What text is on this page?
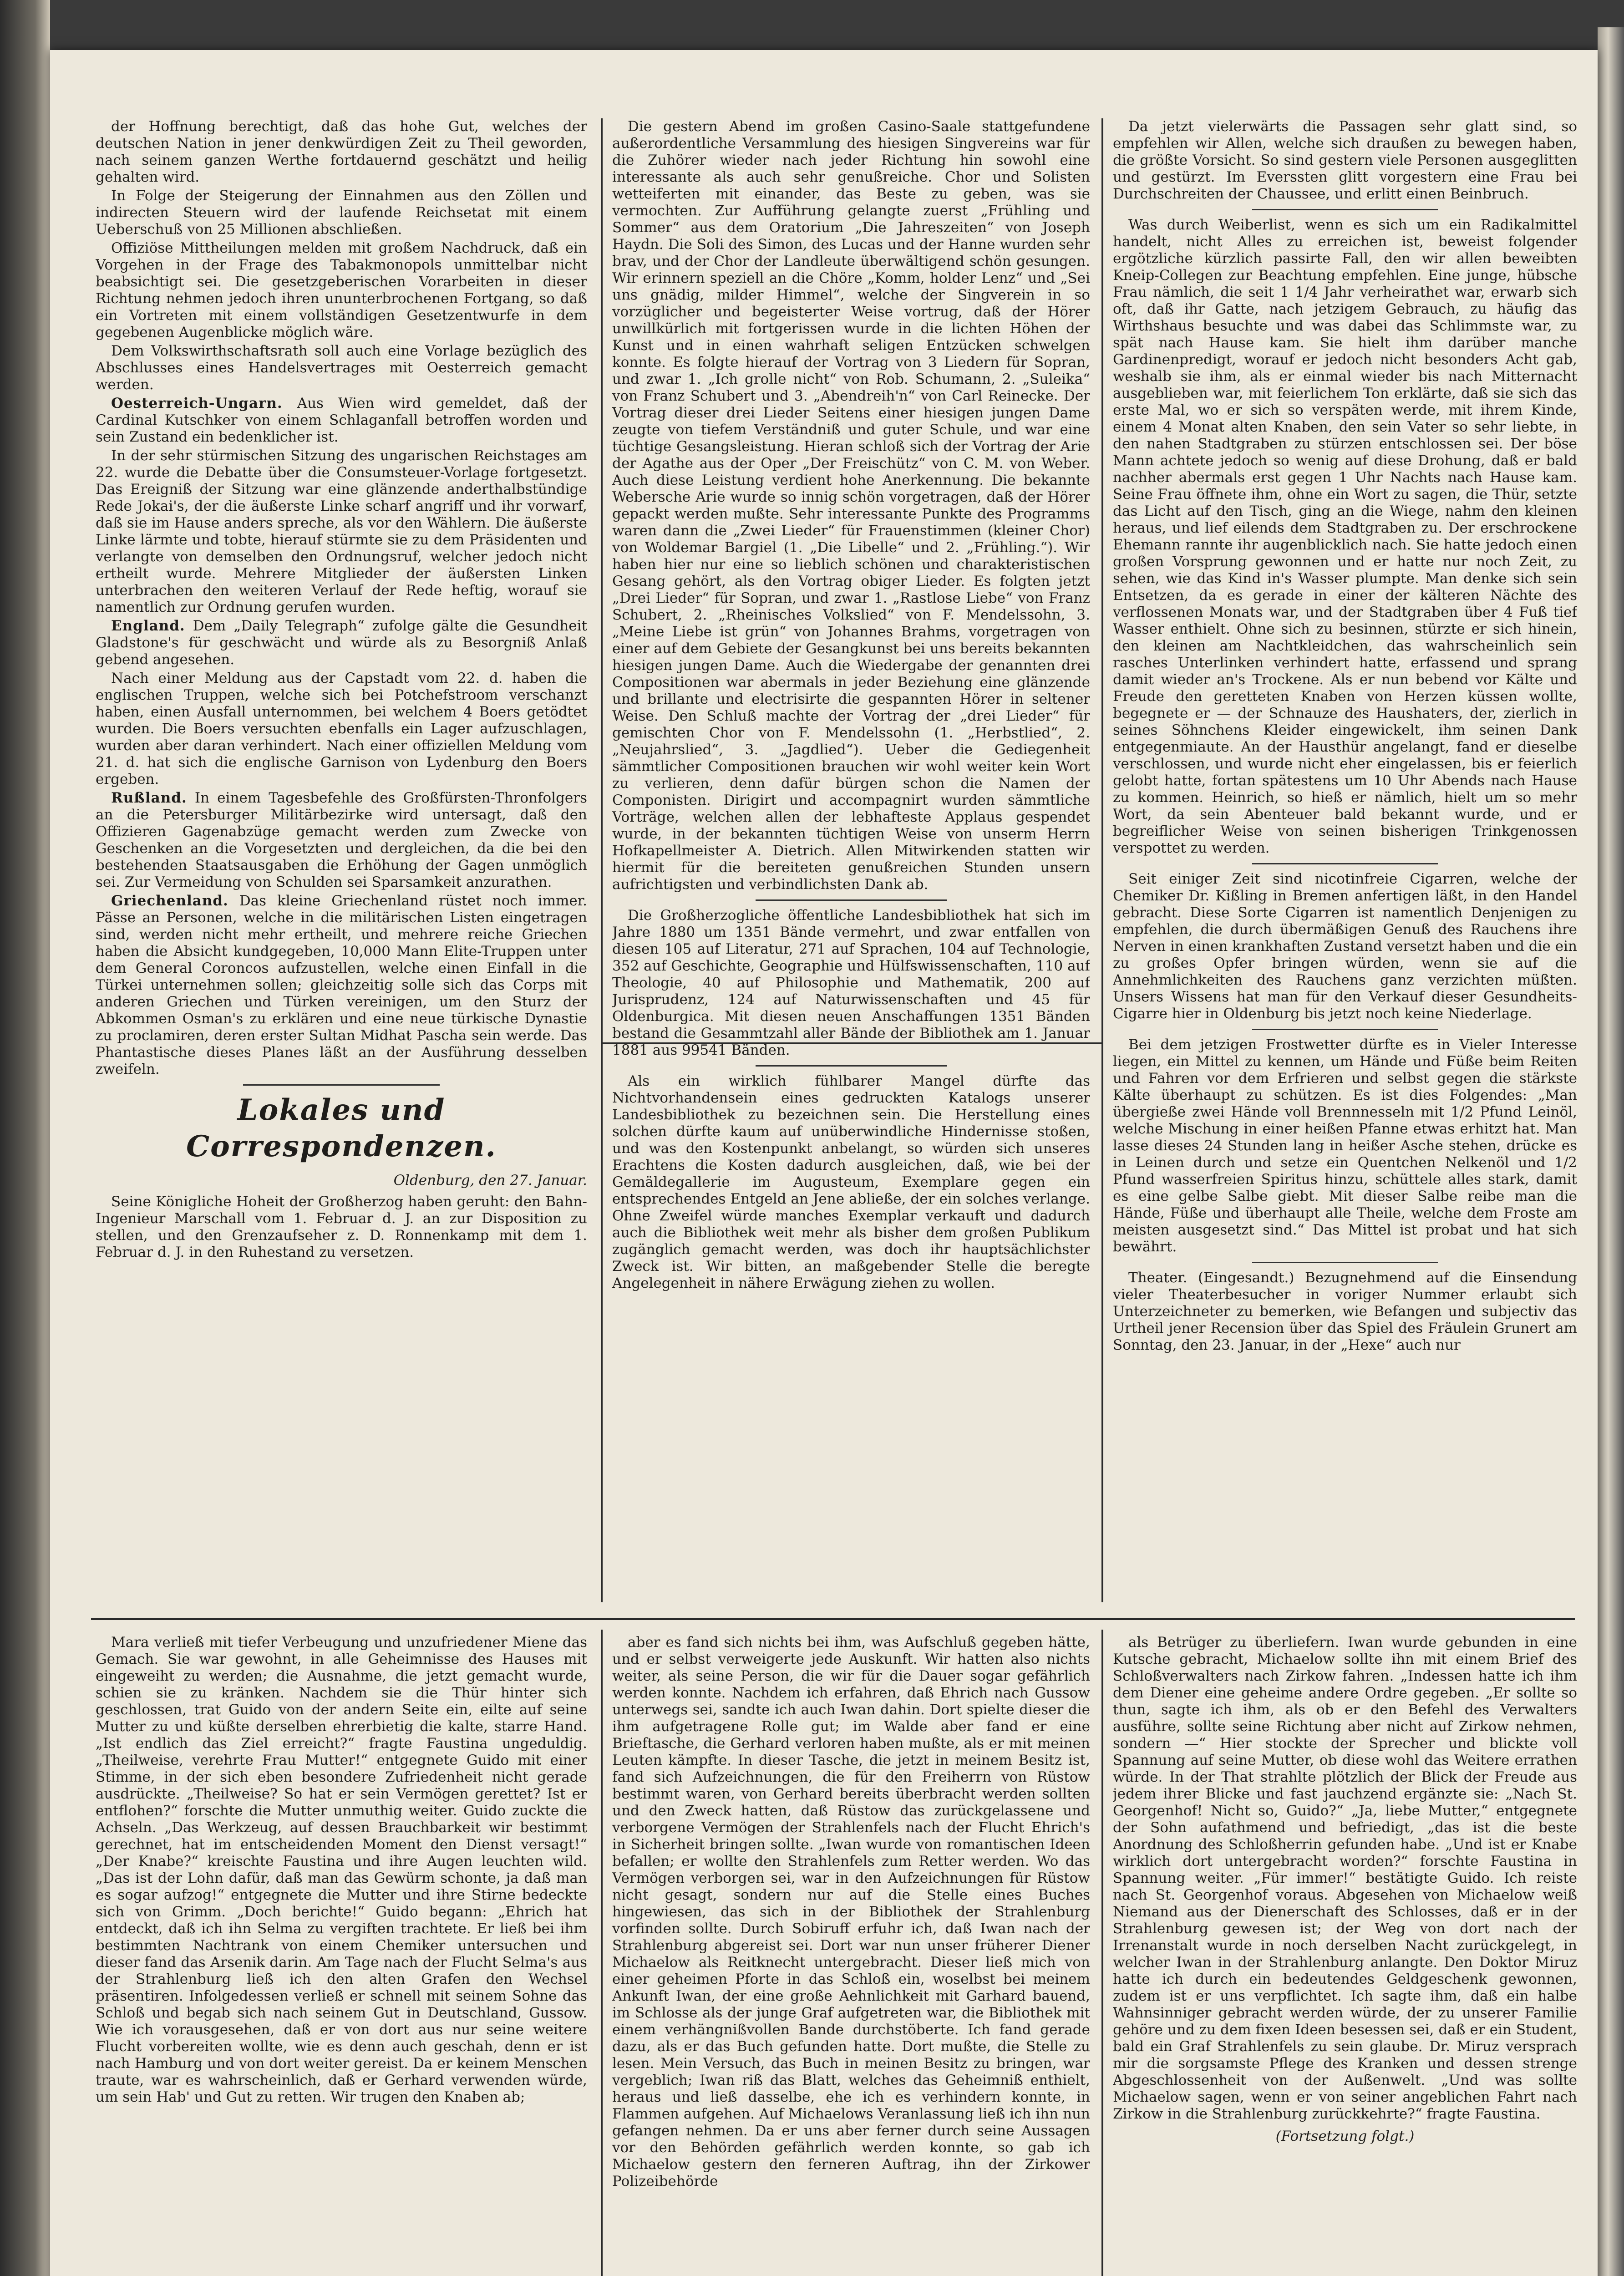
der Hoffnung berechtigt, daß das hohe Gut, welches der deutschen Nation in jener denkwürdigen Zeit zu Theil geworden, nach seinem ganzen Werthe fortdauernd geschätzt und heilig gehalten wird.

In Folge der Steigerung der Einnahmen aus den Zöllen und indirecten Steuern wird der laufende Reichsetat mit einem Ueberschuß von 25 Millionen abschließen.

Offiziöse Mittheilungen melden mit großem Nachdruck, daß ein Vorgehen in der Frage des Tabakmonopols unmittelbar nicht beabsichtigt sei. Die gesetzgeberischen Vorarbeiten in dieser Richtung nehmen jedoch ihren ununterbrochenen Fortgang, so daß ein Vortreten mit einem vollständigen Gesetzentwurfe in dem gegebenen Augenblicke möglich wäre.

Dem Volkswirthschaftsrath soll auch eine Vorlage bezüglich des Abschlusses eines Handelsvertrages mit Oesterreich gemacht werden.

Oesterreich-Ungarn. Aus Wien wird gemeldet, daß der Cardinal Kutschker von einem Schlaganfall betroffen worden und sein Zustand ein bedenklicher ist.

In der sehr stürmischen Sitzung des ungarischen Reichstages am 22. wurde die Debatte über die Consumsteuer-Vorlage fortgesetzt. Das Ereigniß der Sitzung war eine glänzende anderthalbstündige Rede Jokai's, der die äußerste Linke scharf angriff und ihr vorwarf, daß sie im Hause anders spreche, als vor den Wählern. Die äußerste Linke lärmte und tobte, hierauf stürmte sie zu dem Präsidenten und verlangte von demselben den Ordnungsruf, welcher jedoch nicht ertheilt wurde. Mehrere Mitglieder der äußersten Linken unterbrachen den weiteren Verlauf der Rede heftig, worauf sie namentlich zur Ordnung gerufen wurden.

England. Dem „Daily Telegraph“ zufolge gälte die Gesundheit Gladstone's für geschwächt und würde als zu Besorgniß Anlaß gebend angesehen.

Nach einer Meldung aus der Capstadt vom 22. d. haben die englischen Truppen, welche sich bei Potchefstroom verschanzt haben, einen Ausfall unternommen, bei welchem 4 Boers getödtet wurden. Die Boers versuchten ebenfalls ein Lager aufzuschlagen, wurden aber daran verhindert. Nach einer offiziellen Meldung vom 21. d. hat sich die englische Garnison von Lydenburg den Boers ergeben.

Rußland. In einem Tagesbefehle des Großfürsten-Thronfolgers an die Petersburger Militärbezirke wird untersagt, daß den Offizieren Gagenabzüge gemacht werden zum Zwecke von Geschenken an die Vorgesetzten und dergleichen, da die bei den bestehenden Staatsausgaben die Erhöhung der Gagen unmöglich sei. Zur Vermeidung von Schulden sei Sparsamkeit anzurathen.

Griechenland. Das kleine Griechenland rüstet noch immer. Pässe an Personen, welche in die militärischen Listen eingetragen sind, werden nicht mehr ertheilt, und mehrere reiche Griechen haben die Absicht kundgegeben, 10,000 Mann Elite-Truppen unter dem General Coroncos aufzustellen, welche einen Einfall in die Türkei unternehmen sollen; gleichzeitig solle sich das Corps mit anderen Griechen und Türken vereinigen, um den Sturz der Abkommen Osman's zu erklären und eine neue türkische Dynastie zu proclamiren, deren erster Sultan Midhat Pascha sein werde. Das Phantastische dieses Planes läßt an der Ausführung desselben zweifeln.

Lokales und Correspondenzen.
Oldenburg, den 27. Januar.

Seine Königliche Hoheit der Großherzog haben geruht: den Bahn-Ingenieur Marschall vom 1. Februar d. J. an zur Disposition zu stellen, und den Grenzaufseher z. D. Ronnenkamp mit dem 1. Februar d. J. in den Ruhestand zu versetzen.

Die gestern Abend im großen Casino-Saale stattgefundene außerordentliche Versammlung des hiesigen Singvereins war für die Zuhörer wieder nach jeder Richtung hin sowohl eine interessante als auch sehr genußreiche. Chor und Solisten wetteiferten mit einander, das Beste zu geben, was sie vermochten. Zur Aufführung gelangte zuerst „Frühling und Sommer“ aus dem Oratorium „Die Jahreszeiten“ von Joseph Haydn. Die Soli des Simon, des Lucas und der Hanne wurden sehr brav, und der Chor der Landleute überwältigend schön gesungen. Wir erinnern speziell an die Chöre „Komm, holder Lenz“ und „Sei uns gnädig, milder Himmel“, welche der Singverein in so vorzüglicher und begeisterter Weise vortrug, daß der Hörer unwillkürlich mit fortgerissen wurde in die lichten Höhen der Kunst und in einen wahrhaft seligen Entzücken schwelgen konnte. Es folgte hierauf der Vortrag von 3 Liedern für Sopran, und zwar 1. „Ich grolle nicht“ von Rob. Schumann, 2. „Suleika“ von Franz Schubert und 3. „Abendreih'n“ von Carl Reinecke. Der Vortrag dieser drei Lieder Seitens einer hiesigen jungen Dame zeugte von tiefem Verständniß und guter Schule, und war eine tüchtige Gesangsleistung. Hieran schloß sich der Vortrag der Arie der Agathe aus der Oper „Der Freischütz“ von C. M. von Weber. Auch diese Leistung verdient hohe Anerkennung. Die bekannte Webersche Arie wurde so innig schön vorgetragen, daß der Hörer gepackt werden mußte. Sehr interessante Punkte des Programms waren dann die „Zwei Lieder“ für Frauenstimmen (kleiner Chor) von Woldemar Bargiel (1. „Die Libelle“ und 2. „Frühling.“). Wir haben hier nur eine so lieblich schönen und charakteristischen Gesang gehört, als den Vortrag obiger Lieder. Es folgten jetzt „Drei Lieder“ für Sopran, und zwar 1. „Rastlose Liebe“ von Franz Schubert, 2. „Rheinisches Volkslied“ von F. Mendelssohn, 3. „Meine Liebe ist grün“ von Johannes Brahms, vorgetragen von einer auf dem Gebiete der Gesangkunst bei uns bereits bekannten hiesigen jungen Dame. Auch die Wiedergabe der genannten drei Compositionen war abermals in jeder Beziehung eine glänzende und brillante und electrisirte die gespannten Hörer in seltener Weise. Den Schluß machte der Vortrag der „drei Lieder“ für gemischten Chor von F. Mendelssohn (1. „Herbstlied“, 2. „Neujahrslied“, 3. „Jagdlied“). Ueber die Gediegenheit sämmtlicher Compositionen brauchen wir wohl weiter kein Wort zu verlieren, denn dafür bürgen schon die Namen der Componisten. Dirigirt und accompagnirt wurden sämmtliche Vorträge, welchen allen der lebhafteste Applaus gespendet wurde, in der bekannten tüchtigen Weise von unserm Herrn Hofkapellmeister A. Dietrich. Allen Mitwirkenden statten wir hiermit für die bereiteten genußreichen Stunden unsern aufrichtigsten und verbindlichsten Dank ab.

Die Großherzogliche öffentliche Landesbibliothek hat sich im Jahre 1880 um 1351 Bände vermehrt, und zwar entfallen von diesen 105 auf Literatur, 271 auf Sprachen, 104 auf Technologie, 352 auf Geschichte, Geographie und Hülfswissenschaften, 110 auf Theologie, 40 auf Philosophie und Mathematik, 200 auf Jurisprudenz, 124 auf Naturwissenschaften und 45 für Oldenburgica. Mit diesen neuen Anschaffungen 1351 Bänden bestand die Gesammtzahl aller Bände der Bibliothek am 1. Januar 1881 aus 99541 Bänden.

Als ein wirklich fühlbarer Mangel dürfte das Nichtvorhandensein eines gedruckten Katalogs unserer Landesbibliothek zu bezeichnen sein. Die Herstellung eines solchen dürfte kaum auf unüberwindliche Hindernisse stoßen, und was den Kostenpunkt anbelangt, so würden sich unseres Erachtens die Kosten dadurch ausgleichen, daß, wie bei der Gemäldegallerie im Augusteum, Exemplare gegen ein entsprechendes Entgeld an Jene abließe, der ein solches verlange. Ohne Zweifel würde manches Exemplar verkauft und dadurch auch die Bibliothek weit mehr als bisher dem großen Publikum zugänglich gemacht werden, was doch ihr hauptsächlichster Zweck ist. Wir bitten, an maßgebender Stelle die beregte Angelegenheit in nähere Erwägung ziehen zu wollen.

Da jetzt vielerwärts die Passagen sehr glatt sind, so empfehlen wir Allen, welche sich draußen zu bewegen haben, die größte Vorsicht. So sind gestern viele Personen ausgeglitten und gestürzt. Im Everssten glitt vorgestern eine Frau bei Durchschreiten der Chaussee, und erlitt einen Beinbruch.

Was durch Weiberlist, wenn es sich um ein Radikalmittel handelt, nicht Alles zu erreichen ist, beweist folgender ergötzliche kürzlich passirte Fall, den wir allen beweibten Kneip-Collegen zur Beachtung empfehlen. Eine junge, hübsche Frau nämlich, die seit 1 1/4 Jahr verheirathet war, erwarb sich oft, daß ihr Gatte, nach jetzigem Gebrauch, zu häufig das Wirthshaus besuchte und was dabei das Schlimmste war, zu spät nach Hause kam. Sie hielt ihm darüber manche Gardinenpredigt, worauf er jedoch nicht besonders Acht gab, weshalb sie ihm, als er einmal wieder bis nach Mitternacht ausgeblieben war, mit feierlichem Ton erklärte, daß sie sich das erste Mal, wo er sich so verspäten werde, mit ihrem Kinde, einem 4 Monat alten Knaben, den sein Vater so sehr liebte, in den nahen Stadtgraben zu stürzen entschlossen sei. Der böse Mann achtete jedoch so wenig auf diese Drohung, daß er bald nachher abermals erst gegen 1 Uhr Nachts nach Hause kam. Seine Frau öffnete ihm, ohne ein Wort zu sagen, die Thür, setzte das Licht auf den Tisch, ging an die Wiege, nahm den kleinen heraus, und lief eilends dem Stadtgraben zu. Der erschrockene Ehemann rannte ihr augenblicklich nach. Sie hatte jedoch einen großen Vorsprung gewonnen und er hatte nur noch Zeit, zu sehen, wie das Kind in's Wasser plumpte. Man denke sich sein Entsetzen, da es gerade in einer der kälteren Nächte des verflossenen Monats war, und der Stadtgraben über 4 Fuß tief Wasser enthielt. Ohne sich zu besinnen, stürzte er sich hinein, den kleinen am Nachtkleidchen, das wahrscheinlich sein rasches Unterlinken verhindert hatte, erfassend und sprang damit wieder an's Trockene. Als er nun bebend vor Kälte und Freude den geretteten Knaben von Herzen küssen wollte, begegnete er — der Schnauze des Haushaters, der, zierlich in seines Söhnchens Kleider eingewickelt, ihm seinen Dank entgegenmiaute. An der Hausthür angelangt, fand er dieselbe verschlossen, und wurde nicht eher eingelassen, bis er feierlich gelobt hatte, fortan spätestens um 10 Uhr Abends nach Hause zu kommen. Heinrich, so hieß er nämlich, hielt um so mehr Wort, da sein Abenteuer bald bekannt wurde, und er begreiflicher Weise von seinen bisherigen Trinkgenossen verspottet zu werden.

Seit einiger Zeit sind nicotinfreie Cigarren, welche der Chemiker Dr. Kißling in Bremen anfertigen läßt, in den Handel gebracht. Diese Sorte Cigarren ist namentlich Denjenigen zu empfehlen, die durch übermäßigen Genuß des Rauchens ihre Nerven in einen krankhaften Zustand versetzt haben und die ein zu großes Opfer bringen würden, wenn sie auf die Annehmlichkeiten des Rauchens ganz verzichten müßten. Unsers Wissens hat man für den Verkauf dieser Gesundheits-Cigarre hier in Oldenburg bis jetzt noch keine Niederlage.

Bei dem jetzigen Frostwetter dürfte es in Vieler Interesse liegen, ein Mittel zu kennen, um Hände und Füße beim Reiten und Fahren vor dem Erfrieren und selbst gegen die stärkste Kälte überhaupt zu schützen. Es ist dies Folgendes: „Man übergieße zwei Hände voll Brennnesseln mit 1/2 Pfund Leinöl, welche Mischung in einer heißen Pfanne etwas erhitzt hat. Man lasse dieses 24 Stunden lang in heißer Asche stehen, drücke es in Leinen durch und setze ein Quentchen Nelkenöl und 1/2 Pfund wasserfreien Spiritus hinzu, schüttele alles stark, damit es eine gelbe Salbe giebt. Mit dieser Salbe reibe man die Hände, Füße und überhaupt alle Theile, welche dem Froste am meisten ausgesetzt sind.“ Das Mittel ist probat und hat sich bewährt.

Theater. (Eingesandt.) Bezugnehmend auf die Einsendung vieler Theaterbesucher in voriger Nummer erlaubt sich Unterzeichneter zu bemerken, wie Befangen und subjectiv das Urtheil jener Recension über das Spiel des Fräulein Grunert am Sonntag, den 23. Januar, in der „Hexe“ auch nur

Mara verließ mit tiefer Verbeugung und unzufriedener Miene das Gemach. Sie war gewohnt, in alle Geheimnisse des Hauses mit eingeweiht zu werden; die Ausnahme, die jetzt gemacht wurde, schien sie zu kränken. Nachdem sie die Thür hinter sich geschlossen, trat Guido von der andern Seite ein, eilte auf seine Mutter zu und küßte derselben ehrerbietig die kalte, starre Hand. „Ist endlich das Ziel erreicht?“ fragte Faustina ungeduldig. „Theilweise, verehrte Frau Mutter!“ entgegnete Guido mit einer Stimme, in der sich eben besondere Zufriedenheit nicht gerade ausdrückte. „Theilweise? So hat er sein Vermögen gerettet? Ist er entflohen?“ forschte die Mutter unmuthig weiter. Guido zuckte die Achseln. „Das Werkzeug, auf dessen Brauchbarkeit wir bestimmt gerechnet, hat im entscheidenden Moment den Dienst versagt!“ „Der Knabe?“ kreischte Faustina und ihre Augen leuchten wild. „Das ist der Lohn dafür, daß man das Gewürm schonte, ja daß man es sogar aufzog!“ entgegnete die Mutter und ihre Stirne bedeckte sich von Grimm. „Doch berichte!“ Guido begann: „Ehrich hat entdeckt, daß ich ihn Selma zu vergiften trachtete. Er ließ bei ihm bestimmten Nachtrank von einem Chemiker untersuchen und dieser fand das Arsenik darin. Am Tage nach der Flucht Selma's aus der Strahlenburg ließ ich den alten Grafen den Wechsel präsentiren. Infolgedessen verließ er schnell mit seinem Sohne das Schloß und begab sich nach seinem Gut in Deutschland, Gussow. Wie ich vorausgesehen, daß er von dort aus nur seine weitere Flucht vorbereiten wollte, wie es denn auch geschah, denn er ist nach Hamburg und von dort weiter gereist. Da er keinem Menschen traute, war es wahrscheinlich, daß er Gerhard verwenden würde, um sein Hab' und Gut zu retten. Wir trugen den Knaben ab;

aber es fand sich nichts bei ihm, was Aufschluß gegeben hätte, und er selbst verweigerte jede Auskunft. Wir hatten also nichts weiter, als seine Person, die wir für die Dauer sogar gefährlich werden konnte. Nachdem ich erfahren, daß Ehrich nach Gussow unterwegs sei, sandte ich auch Iwan dahin. Dort spielte dieser die ihm aufgetragene Rolle gut; im Walde aber fand er eine Brieftasche, die Gerhard verloren haben mußte, als er mit meinen Leuten kämpfte. In dieser Tasche, die jetzt in meinem Besitz ist, fand sich Aufzeichnungen, die für den Freiherrn von Rüstow bestimmt waren, von Gerhard bereits überbracht werden sollten und den Zweck hatten, daß Rüstow das zurückgelassene und verborgene Vermögen der Strahlenfels nach der Flucht Ehrich's in Sicherheit bringen sollte. „Iwan wurde von romantischen Ideen befallen; er wollte den Strahlenfels zum Retter werden. Wo das Vermögen verborgen sei, war in den Aufzeichnungen für Rüstow nicht gesagt, sondern nur auf die Stelle eines Buches hingewiesen, das sich in der Bibliothek der Strahlenburg vorfinden sollte. Durch Sobiruff erfuhr ich, daß Iwan nach der Strahlenburg abgereist sei. Dort war nun unser früherer Diener Michaelow als Reitknecht untergebracht. Dieser ließ mich von einer geheimen Pforte in das Schloß ein, woselbst bei meinem Ankunft Iwan, der eine große Aehnlichkeit mit Garhard bauend, im Schlosse als der junge Graf aufgetreten war, die Bibliothek mit einem verhängnißvollen Bande durchstöberte. Ich fand gerade dazu, als er das Buch gefunden hatte. Dort mußte, die Stelle zu lesen. Mein Versuch, das Buch in meinen Besitz zu bringen, war vergeblich; Iwan riß das Blatt, welches das Geheimniß enthielt, heraus und ließ dasselbe, ehe ich es verhindern konnte, in Flammen aufgehen. Auf Michaelows Veranlassung ließ ich ihn nun gefangen nehmen. Da er uns aber ferner durch seine Aussagen vor den Behörden gefährlich werden konnte, so gab ich Michaelow gestern den ferneren Auftrag, ihn der Zirkower Polizeibehörde

als Betrüger zu überliefern. Iwan wurde gebunden in eine Kutsche gebracht, Michaelow sollte ihn mit einem Brief des Schloßverwalters nach Zirkow fahren. „Indessen hatte ich ihm dem Diener eine geheime andere Ordre gegeben. „Er sollte so thun, sagte ich ihm, als ob er den Befehl des Verwalters ausführe, sollte seine Richtung aber nicht auf Zirkow nehmen, sondern —“ Hier stockte der Sprecher und blickte voll Spannung auf seine Mutter, ob diese wohl das Weitere errathen würde. In der That strahlte plötzlich der Blick der Freude aus jedem ihrer Blicke und fast jauchzend ergänzte sie: „Nach St. Georgenhof! Nicht so, Guido?“ „Ja, liebe Mutter,“ entgegnete der Sohn aufathmend und befriedigt, „das ist die beste Anordnung des Schloßherrin gefunden habe. „Und ist er Knabe wirklich dort untergebracht worden?“ forschte Faustina in Spannung weiter. „Für immer!“ bestätigte Guido. Ich reiste nach St. Georgenhof voraus. Abgesehen von Michaelow weiß Niemand aus der Dienerschaft des Schlosses, daß er in der Strahlenburg gewesen ist; der Weg von dort nach der Irrenanstalt wurde in noch derselben Nacht zurückgelegt, in welcher Iwan in der Strahlenburg anlangte. Den Doktor Miruz hatte ich durch ein bedeutendes Geldgeschenk gewonnen, zudem ist er uns verpflichtet. Ich sagte ihm, daß ein halbe Wahnsinniger gebracht werden würde, der zu unserer Familie gehöre und zu dem fixen Ideen besessen sei, daß er ein Student, bald ein Graf Strahlenfels zu sein glaube. Dr. Miruz versprach mir die sorgsamste Pflege des Kranken und dessen strenge Abgeschlossenheit von der Außenwelt. „Und was sollte Michaelow sagen, wenn er von seiner angeblichen Fahrt nach Zirkow in die Strahlenburg zurückkehrte?“ fragte Faustina.

(Fortsetzung folgt.)
